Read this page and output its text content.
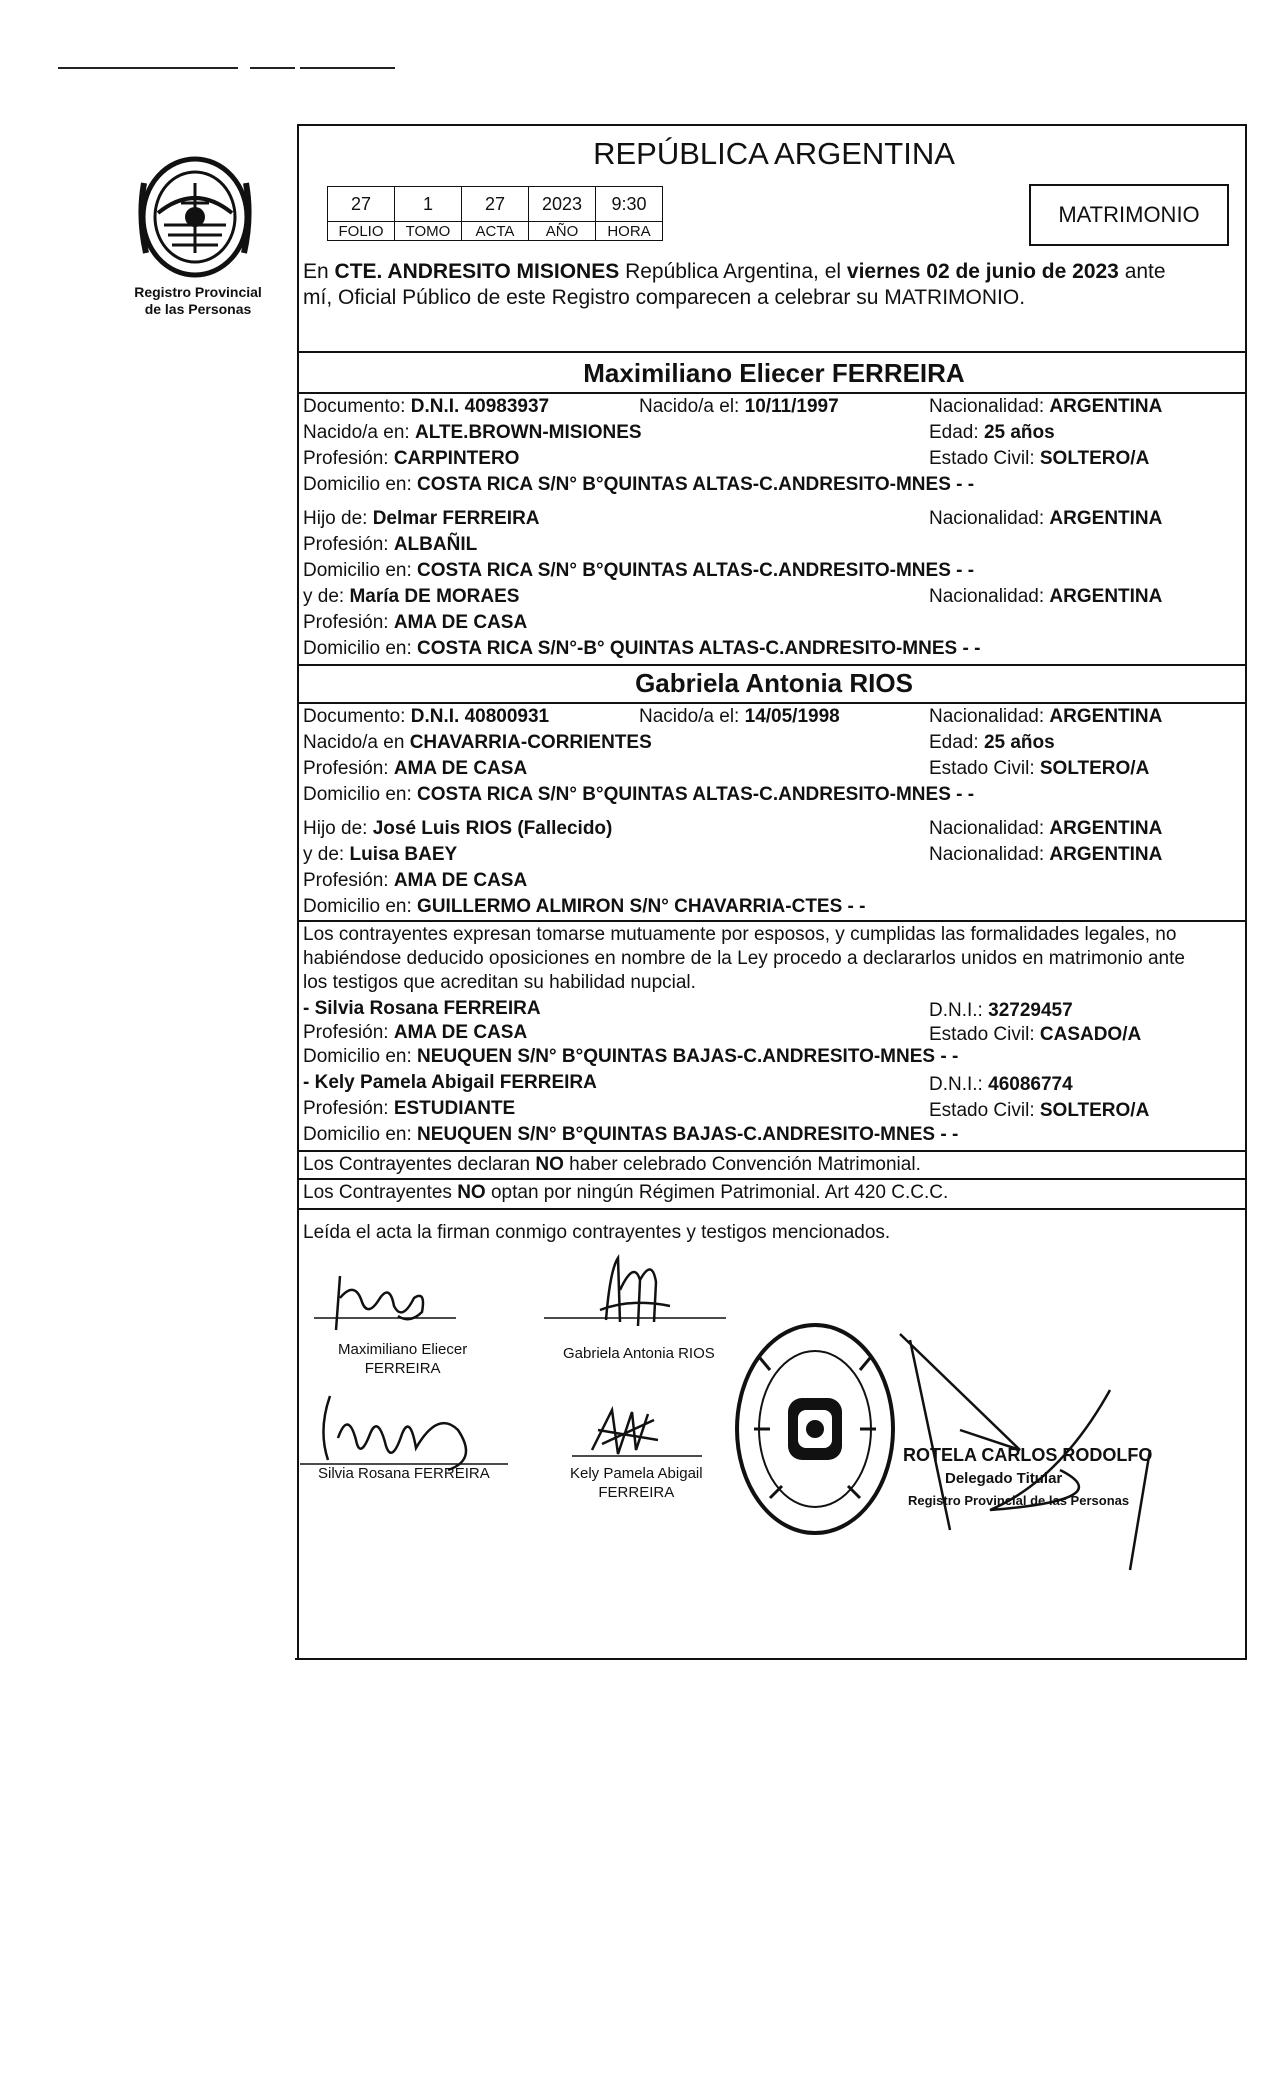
Registro Provincial
de las Personas
REPÚBLICA ARGENTINA
27	1	27	2023	9:30
FOLIO	TOMO	ACTA	AÑO	HORA
MATRIMONIO
En CTE. ANDRESITO MISIONES República Argentina, el viernes 02 de junio de 2023 ante
mí, Oficial Público de este Registro comparecen a celebrar su MATRIMONIO.
Maximiliano Eliecer FERREIRA
Documento: D.N.I. 40983937	Nacido/a el: 10/11/1997	Nacionalidad: ARGENTINA
Nacido/a en: ALTE.BROWN-MISIONES	Edad: 25 años
Profesión: CARPINTERO	Estado Civil: SOLTERO/A
Domicilio en: COSTA RICA S/N° B°QUINTAS ALTAS-C.ANDRESITO-MNES - -
Hijo de: Delmar FERREIRA	Nacionalidad: ARGENTINA
Profesión: ALBAÑIL
Domicilio en: COSTA RICA S/N° B°QUINTAS ALTAS-C.ANDRESITO-MNES - -
y de: María DE MORAES	Nacionalidad: ARGENTINA
Profesión: AMA DE CASA
Domicilio en: COSTA RICA S/N°-B° QUINTAS ALTAS-C.ANDRESITO-MNES - -
Gabriela Antonia RIOS
Documento: D.N.I. 40800931	Nacido/a el: 14/05/1998	Nacionalidad: ARGENTINA
Nacido/a en CHAVARRIA-CORRIENTES	Edad: 25 años
Profesión: AMA DE CASA	Estado Civil: SOLTERO/A
Domicilio en: COSTA RICA S/N° B°QUINTAS ALTAS-C.ANDRESITO-MNES - -
Hijo de: José Luis RIOS (Fallecido)	Nacionalidad: ARGENTINA
y de: Luisa BAEY	Nacionalidad: ARGENTINA
Profesión: AMA DE CASA
Domicilio en: GUILLERMO ALMIRON S/N° CHAVARRIA-CTES - -
Los contrayentes expresan tomarse mutuamente por esposos, y cumplidas las formalidades legales, no
habiéndose deducido oposiciones en nombre de la Ley procedo a declararlos unidos en matrimonio ante
los testigos que acreditan su habilidad nupcial.
- Silvia Rosana FERREIRA	D.N.I.: 32729457
Profesión: AMA DE CASA	Estado Civil: CASADO/A
Domicilio en: NEUQUEN S/N° B°QUINTAS BAJAS-C.ANDRESITO-MNES - -
- Kely Pamela Abigail FERREIRA	D.N.I.: 46086774
Profesión: ESTUDIANTE	Estado Civil: SOLTERO/A
Domicilio en: NEUQUEN S/N° B°QUINTAS BAJAS-C.ANDRESITO-MNES - -
Los Contrayentes declaran NO haber celebrado Convención Matrimonial.
Los Contrayentes NO optan por ningún Régimen Patrimonial. Art 420 C.C.C.
Leída el acta la firman conmigo contrayentes y testigos mencionados.
Maximiliano Eliecer
FERREIRA
Gabriela Antonia RIOS
Silvia Rosana FERREIRA	Kely Pamela Abigail
FERREIRA
ROTELA CARLOS RODOLFO
Delegado Titular
Registro Provincial de las Personas
